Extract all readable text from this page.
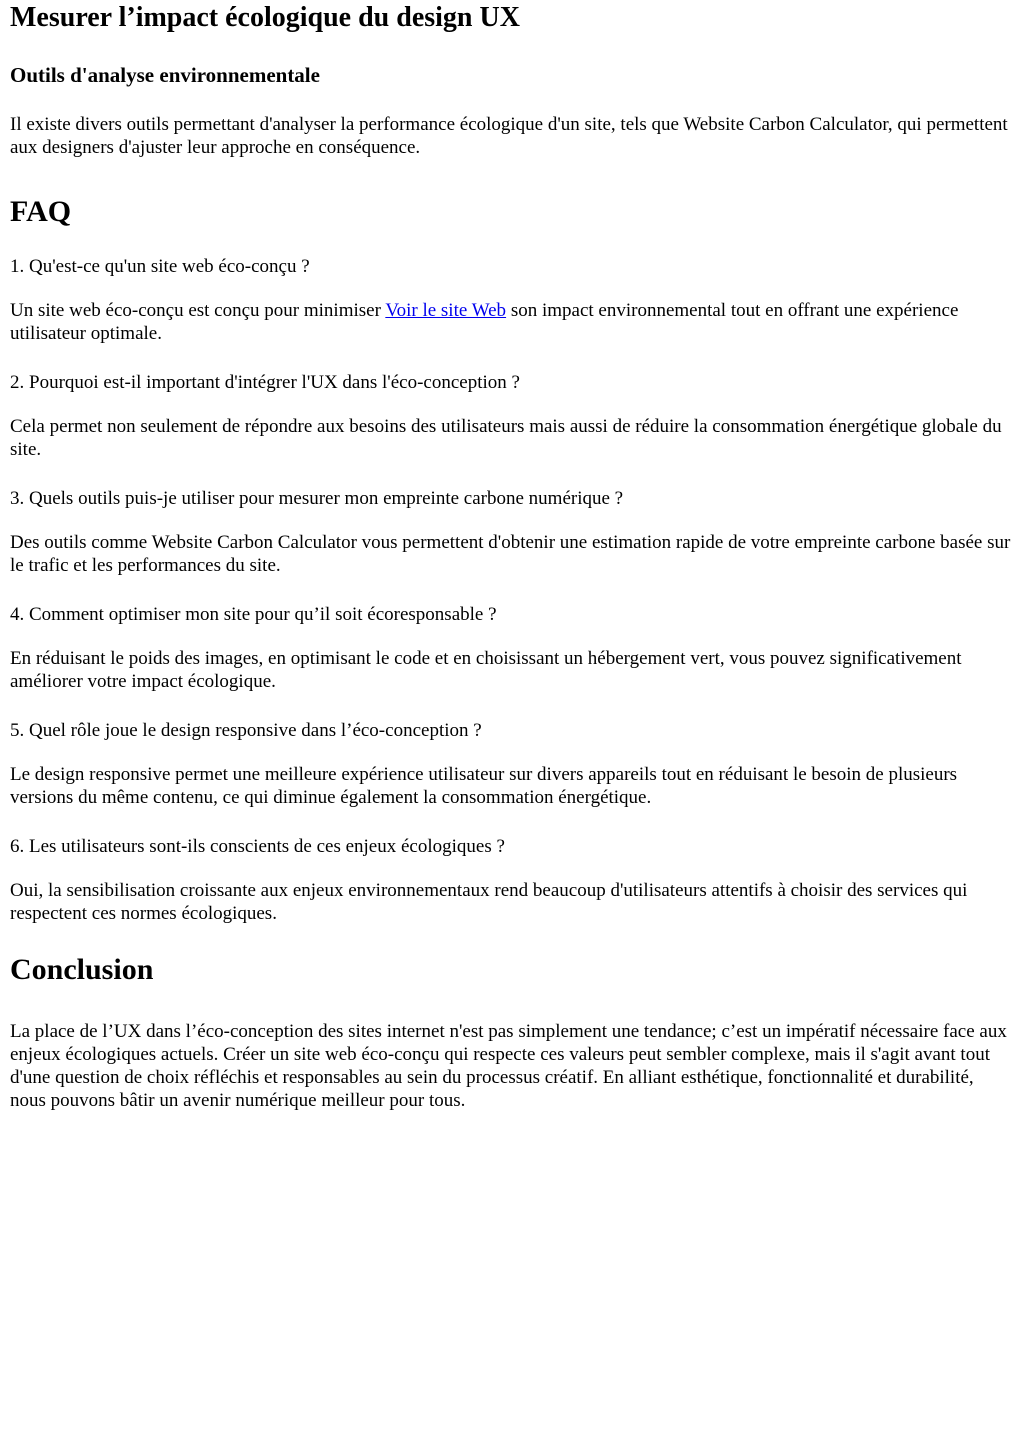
Mesurer l’impact écologique du design UX
Outils d'analyse environnementale

Il existe divers outils permettant d'analyser la performance écologique d'un site, tels que Website Carbon Calculator, qui permettent aux designers d'ajuster leur approche en conséquence.

FAQ

1. Qu'est-ce qu'un site web éco-conçu ?

Un site web éco-conçu est conçu pour minimiser Voir le site Web son impact environnemental tout en offrant une expérience utilisateur optimale.

2. Pourquoi est-il important d'intégrer l'UX dans l'éco-conception ?

Cela permet non seulement de répondre aux besoins des utilisateurs mais aussi de réduire la consommation énergétique globale du site.

3. Quels outils puis-je utiliser pour mesurer mon empreinte carbone numérique ?

Des outils comme Website Carbon Calculator vous permettent d'obtenir une estimation rapide de votre empreinte carbone basée sur le trafic et les performances du site.

4. Comment optimiser mon site pour qu’il soit écoresponsable ?

En réduisant le poids des images, en optimisant le code et en choisissant un hébergement vert, vous pouvez significativement améliorer votre impact écologique.

5. Quel rôle joue le design responsive dans l’éco-conception ?

Le design responsive permet une meilleure expérience utilisateur sur divers appareils tout en réduisant le besoin de plusieurs versions du même contenu, ce qui diminue également la consommation énergétique.

6. Les utilisateurs sont-ils conscients de ces enjeux écologiques ?

Oui, la sensibilisation croissante aux enjeux environnementaux rend beaucoup d'utilisateurs attentifs à choisir des services qui respectent ces normes écologiques.

Conclusion

La place de l’UX dans l’éco-conception des sites internet n'est pas simplement une tendance; c’est un impératif nécessaire face aux enjeux écologiques actuels. Créer un site web éco-conçu qui respecte ces valeurs peut sembler complexe, mais il s'agit avant tout d'une question de choix réfléchis et responsables au sein du processus créatif. En alliant esthétique, fonctionnalité et durabilité, nous pouvons bâtir un avenir numérique meilleur pour tous.
